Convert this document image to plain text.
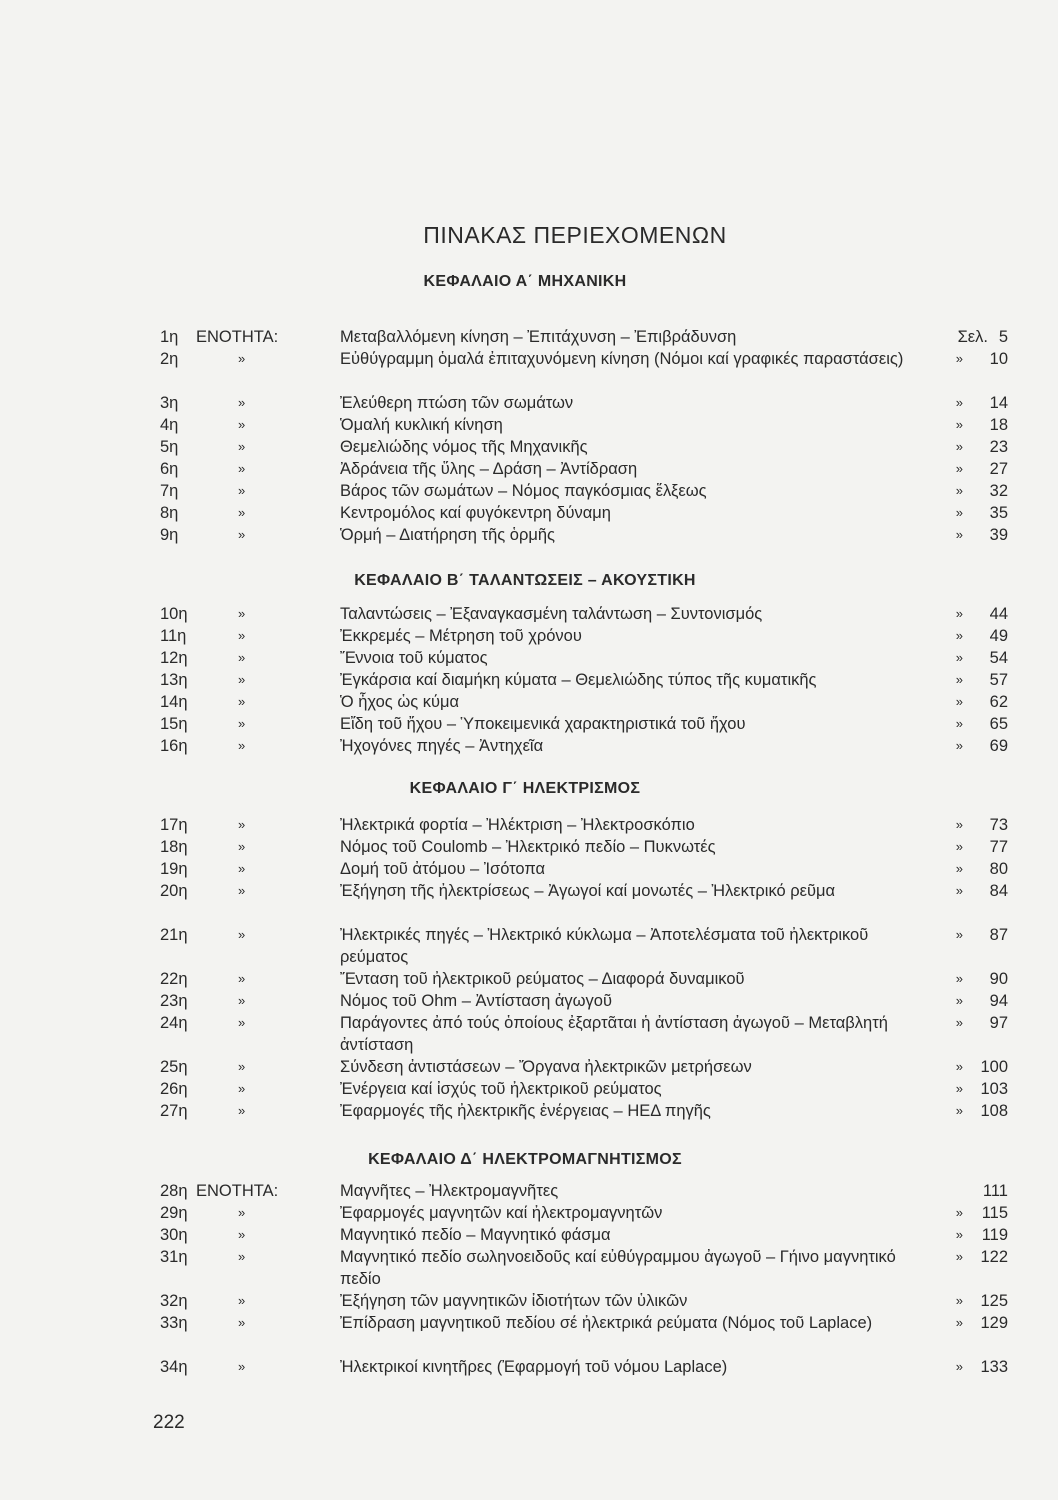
ΠΙΝΑΚΑΣ ΠΕΡΙΕΧΟΜΕΝΩΝ
ΚΕΦΑΛΑΙΟ Α΄ ΜΗΧΑΝΙΚΗ
1η ΕΝΟΤΗΤΑ:	Μεταβαλλόμενη κίνηση – Ἐπιτάχυνση – Ἐπιβράδυνση	Σελ. 5
2η	»	Εὐθύγραμμη ὁμαλά ἐπιταχυνόμενη κίνηση (Νόμοι καί γραφικές παραστάσεις)	» 10
3η	»	Ἐλεύθερη πτώση τῶν σωμάτων	» 14
4η	»	Ὁμαλή κυκλική κίνηση	» 18
5η	»	Θεμελιώδης νόμος τῆς Μηχανικῆς	» 23
6η	»	Ἀδράνεια τῆς ὕλης – Δράση – Ἀντίδραση	» 27
7η	»	Βάρος τῶν σωμάτων – Νόμος παγκόσμιας ἕλξεως	» 32
8η	»	Κεντρομόλος καί φυγόκεντρη δύναμη	» 35
9η	»	Ὁρμή – Διατήρηση τῆς ὁρμῆς	» 39
ΚΕΦΑΛΑΙΟ Β΄ ΤΑΛΑΝΤΩΣΕΙΣ – ΑΚΟΥΣΤΙΚΗ
10η	»	Ταλαντώσεις – Ἐξαναγκασμένη ταλάντωση – Συντονισμός	» 44
11η	»	Ἐκκρεμές – Μέτρηση τοῦ χρόνου	» 49
12η	»	Ἔννοια τοῦ κύματος	» 54
13η	»	Ἐγκάρσια καί διαμήκη κύματα – Θεμελιώδης τύπος τῆς κυματικῆς	» 57
14η	»	Ὁ ἦχος ὡς κύμα	» 62
15η	»	Εἴδη τοῦ ἤχου – Ὑποκειμενικά χαρακτηριστικά τοῦ ἤχου	» 65
16η	»	Ἠχογόνες πηγές – Ἀντηχεῖα	» 69
ΚΕΦΑΛΑΙΟ Γ΄ ΗΛΕΚΤΡΙΣΜΟΣ
17η	»	Ἠλεκτρικά φορτία – Ἠλέκτριση – Ἠλεκτροσκόπιο	» 73
18η	»	Νόμος τοῦ Coulomb – Ἠλεκτρικό πεδίο – Πυκνωτές	» 77
19η	»	Δομή τοῦ ἀτόμου – Ἰσότοπα	» 80
20η	»	Ἐξήγηση τῆς ἠλεκτρίσεως – Ἀγωγοί καί μονωτές – Ἠλεκτρικό ρεῦμα	» 84
21η	»	Ἠλεκτρικές πηγές – Ἠλεκτρικό κύκλωμα – Ἀποτελέσματα τοῦ ἠλεκτρικοῦ ρεύματος
» 87
22η	»	Ἔνταση τοῦ ἠλεκτρικοῦ ρεύματος – Διαφορά δυναμικοῦ	» 90
23η	»	Νόμος τοῦ Ohm – Ἀντίσταση ἀγωγοῦ	» 94
24η	»	Παράγοντες ἀπό τούς ὁποίους ἐξαρτᾶται ἡ ἀντίσταση ἀγωγοῦ – Μεταβλητή ἀντίσταση
» 97
25η	»	Σύνδεση ἀντιστάσεων – Ὄργανα ἠλεκτρικῶν μετρήσεων	» 100
26η	»	Ἐνέργεια καί ἰσχύς τοῦ ἠλεκτρικοῦ ρεύματος	» 103
27η	»	Ἐφαρμογές τῆς ἠλεκτρικῆς ἐνέργειας – ΗΕΔ πηγῆς	» 108
ΚΕΦΑΛΑΙΟ Δ΄ ΗΛΕΚΤΡΟΜΑΓΝΗΤΙΣΜΟΣ
28η ΕΝΟΤΗΤΑ:	Μαγνῆτες – Ἠλεκτρομαγνῆτες	111
29η	»	Ἐφαρμογές μαγνητῶν καί ἠλεκτρομαγνητῶν	» 115
30η	»	Μαγνητικό πεδίο – Μαγνητικό φάσμα	» 119
31η	»	Μαγνητικό πεδίο σωληνοειδοῦς καί εὐθύγραμμου ἀγωγοῦ – Γήινο μαγνητικό πεδίο
» 122
32η	»	Ἐξήγηση τῶν μαγνητικῶν ἰδιοτήτων τῶν ὑλικῶν	» 125
33η	»	Ἐπίδραση μαγνητικοῦ πεδίου σέ ἠλεκτρικά ρεύματα (Νόμος τοῦ Laplace)	» 129
34η	»	Ἠλεκτρικοί κινητῆρες (Ἐφαρμογή τοῦ νόμου Laplace)	» 133
222
